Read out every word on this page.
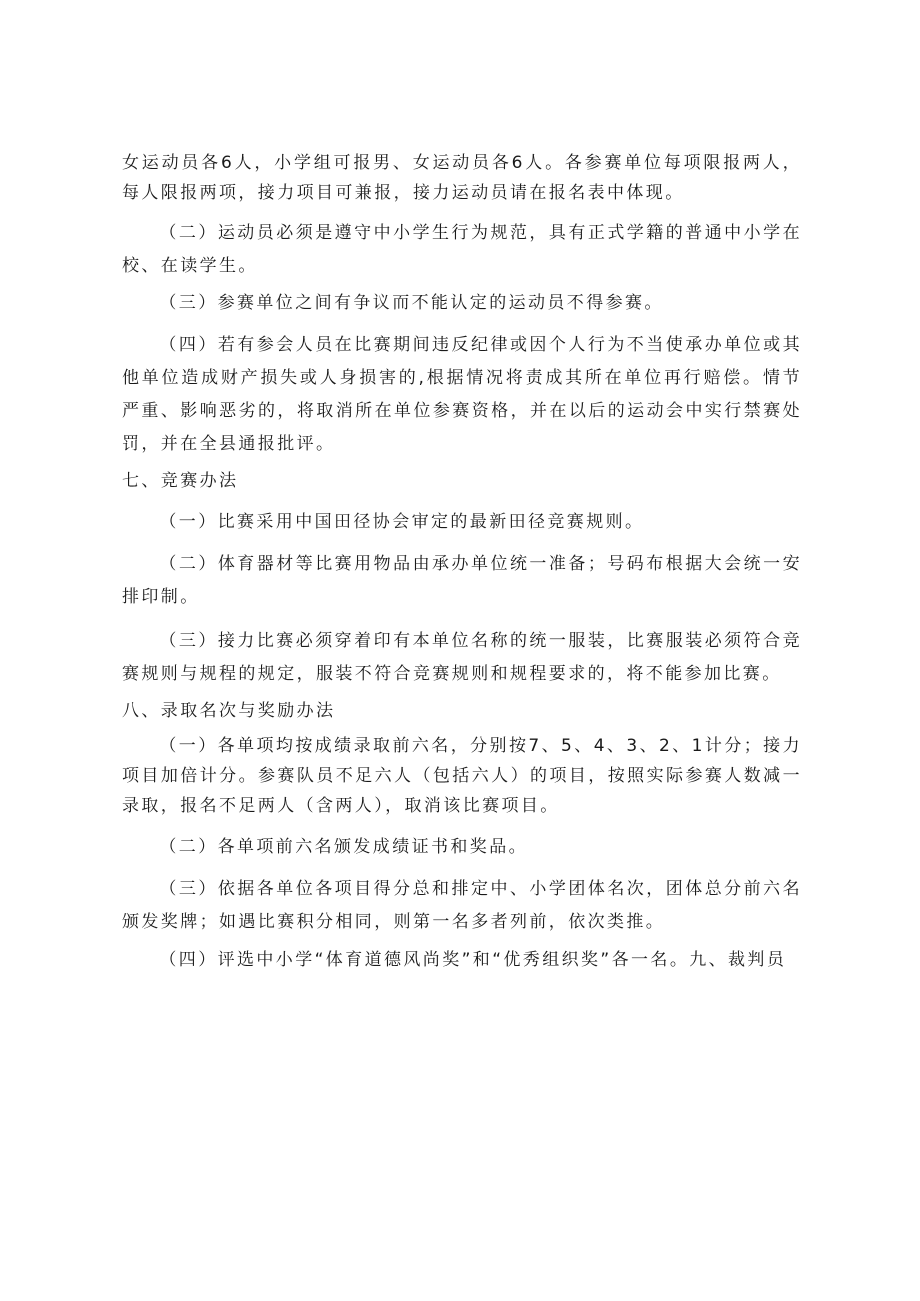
女运动员各6人，小学组可报男、女运动员各6人。各参赛单位每项限报两人，每人限报两项，接力项目可兼报，接力运动员请在报名表中体现。

（二）运动员必须是遵守中小学生行为规范，具有正式学籍的普通中小学在校、在读学生。

（三）参赛单位之间有争议而不能认定的运动员不得参赛。

（四）若有参会人员在比赛期间违反纪律或因个人行为不当使承办单位或其他单位造成财产损失或人身损害的,根据情况将责成其所在单位再行赔偿。情节严重、影响恶劣的，将取消所在单位参赛资格，并在以后的运动会中实行禁赛处罚，并在全县通报批评。

七、竞赛办法

（一）比赛采用中国田径协会审定的最新田径竞赛规则。

（二）体育器材等比赛用物品由承办单位统一准备；号码布根据大会统一安排印制。

（三）接力比赛必须穿着印有本单位名称的统一服装，比赛服装必须符合竞赛规则与规程的规定，服装不符合竞赛规则和规程要求的，将不能参加比赛。

八、录取名次与奖励办法

（一）各单项均按成绩录取前六名，分别按7、5、4、3、2、1计分；接力项目加倍计分。参赛队员不足六人（包括六人）的项目，按照实际参赛人数减一录取，报名不足两人（含两人），取消该比赛项目。

（二）各单项前六名颁发成绩证书和奖品。

（三）依据各单位各项目得分总和排定中、小学团体名次，团体总分前六名颁发奖牌；如遇比赛积分相同，则第一名多者列前，依次类推。

（四）评选中小学“体育道德风尚奖”和“优秀组织奖”各一名。九、裁判员
